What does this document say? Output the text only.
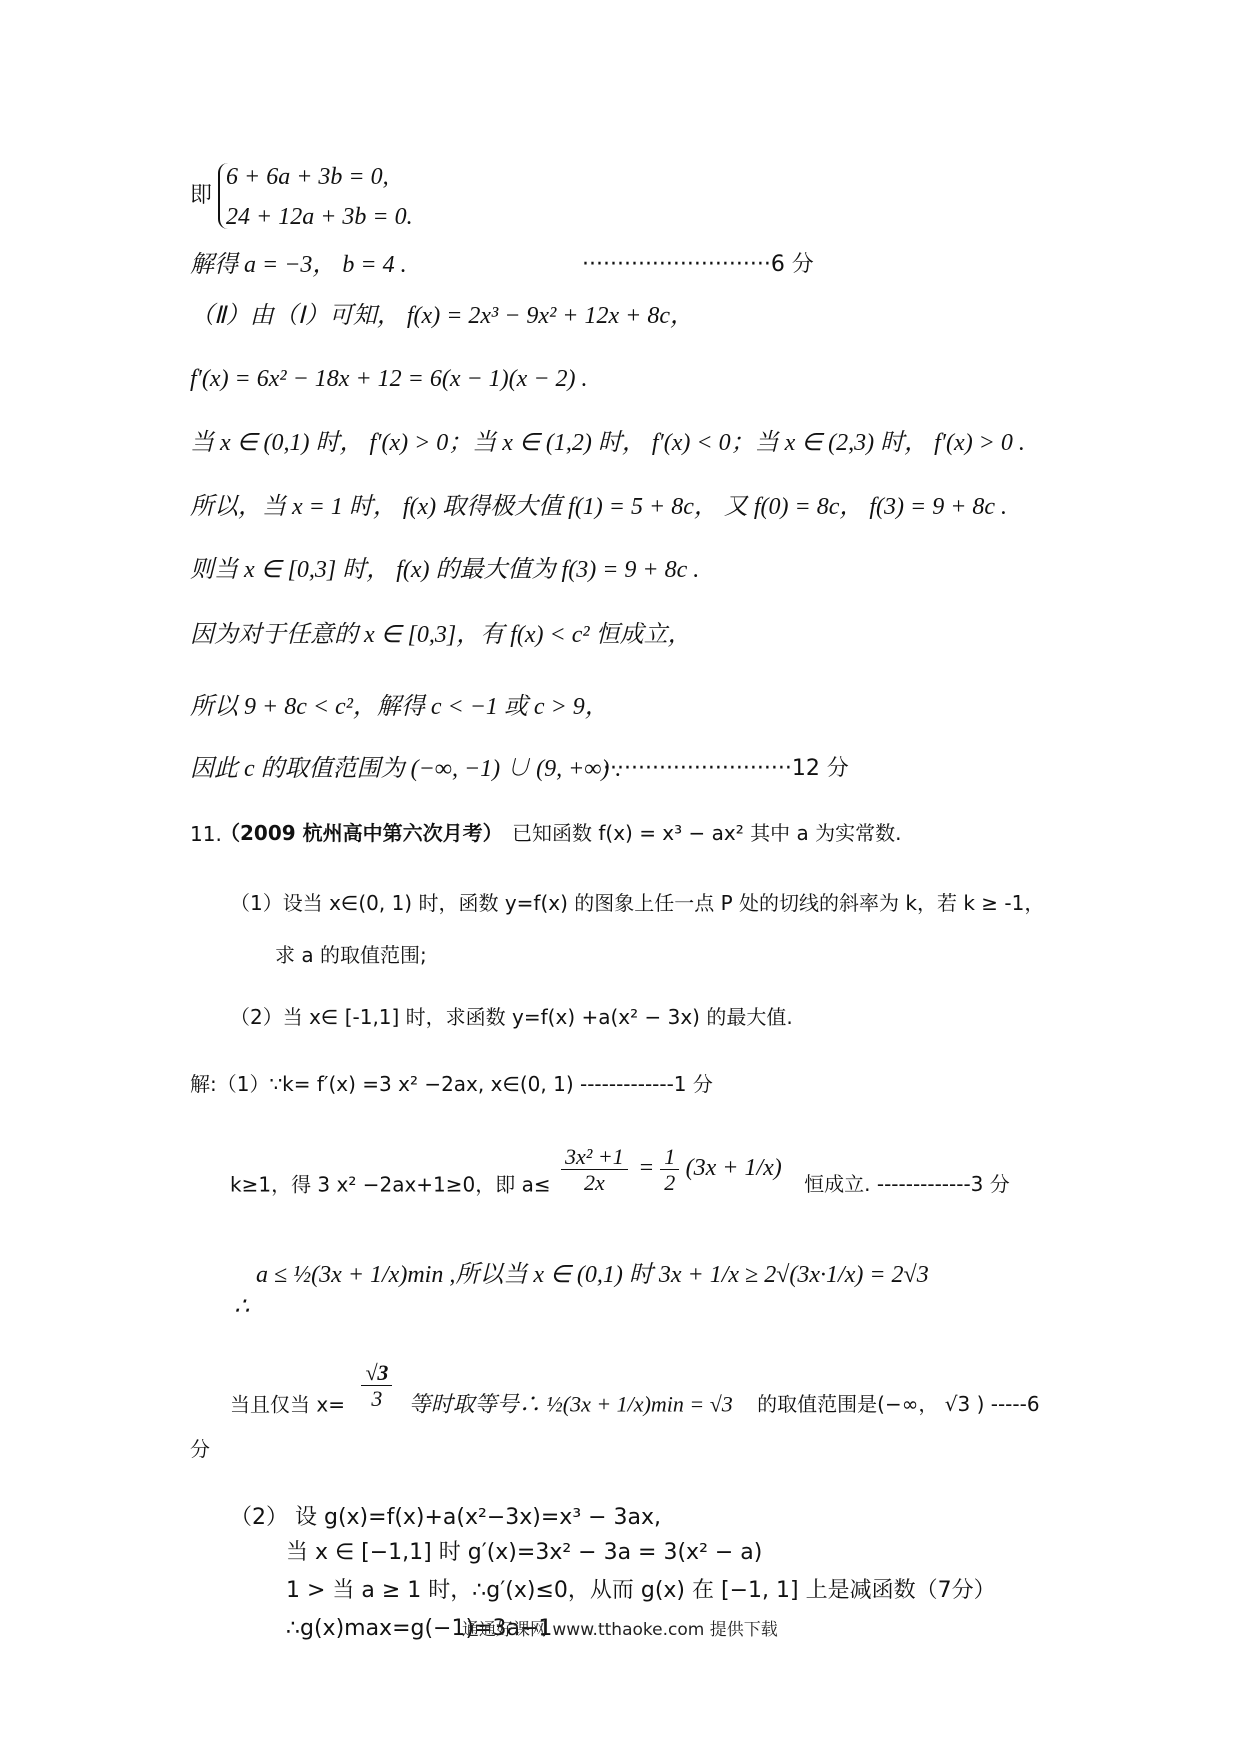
即
6 + 6a + 3b = 0,
24 + 12a + 3b = 0.
解得 a = −3， b = 4 .	···························6 分
（Ⅱ）由（Ⅰ）可知， f(x) = 2x³ − 9x² + 12x + 8c，
f′(x) = 6x² − 18x + 12 = 6(x − 1)(x − 2) .
当 x ∈ (0,1) 时， f′(x) > 0；当 x ∈ (1,2) 时， f′(x) < 0；当 x ∈ (2,3) 时， f′(x) > 0 .
所以，当 x = 1 时， f(x) 取得极大值 f(1) = 5 + 8c， 又 f(0) = 8c， f(3) = 9 + 8c .
则当 x ∈ [0,3] 时， f(x) 的最大值为 f(3) = 9 + 8c .
因为对于任意的 x ∈ [0,3]，有 f(x) < c² 恒成立，
所以 9 + 8c < c²，解得 c < −1 或 c > 9，
因此 c 的取值范围为 (−∞, −1) ∪ (9, +∞) .
···························12 分
11.
（2009 杭州高中第六次月考） 已知函数 f(x) = x³ − ax² 其中 a 为实常数.
（1）设当 x∈(0, 1) 时，函数 y=f(x) 的图象上任一点 P 处的切线的斜率为 k，若 k ≥ -1，
求 a 的取值范围;
（2）当 x∈ [-1,1] 时，求函数 y=f(x) +a(x² − 3x) 的最大值.
解:（1）∵k= f′(x) =3 x² −2ax, x∈(0, 1) -------------1 分
k≥1，得 3 x² −2ax+1≥0，即 $a\le \frac{\text{3x² +1}}{2x} = \frac{1}{2} (3x + 1/x)$ 恒成立. -------------3 分
a ≤ ½(3x + 1/x)min ,所以当 x ∈ (0,1) 时 3x + 1/x ≥ 2√(3x·1/x) = 2√3
∴
当且仅当 $x= \frac{√3}{3}$ 等时取等号∴ ½(3x + 1/x)min = √3 的取值范围是(−∞， √3 ) -----6
分
（2） 设 g(x)=f(x)+a(x²−3x)=x³ − 3ax,
当 x ∈ [−1,1] 时 g′(x)=3x² − 3a = 3(x² − a)
1 > 当 a ≥ 1 时，∴g′(x)≤0，从而 g(x) 在 [−1, 1] 上是减函数（7分）
∴g(x)max=g(−1)=3a−1
通通好课网 www.tthaoke.com 提供下载
